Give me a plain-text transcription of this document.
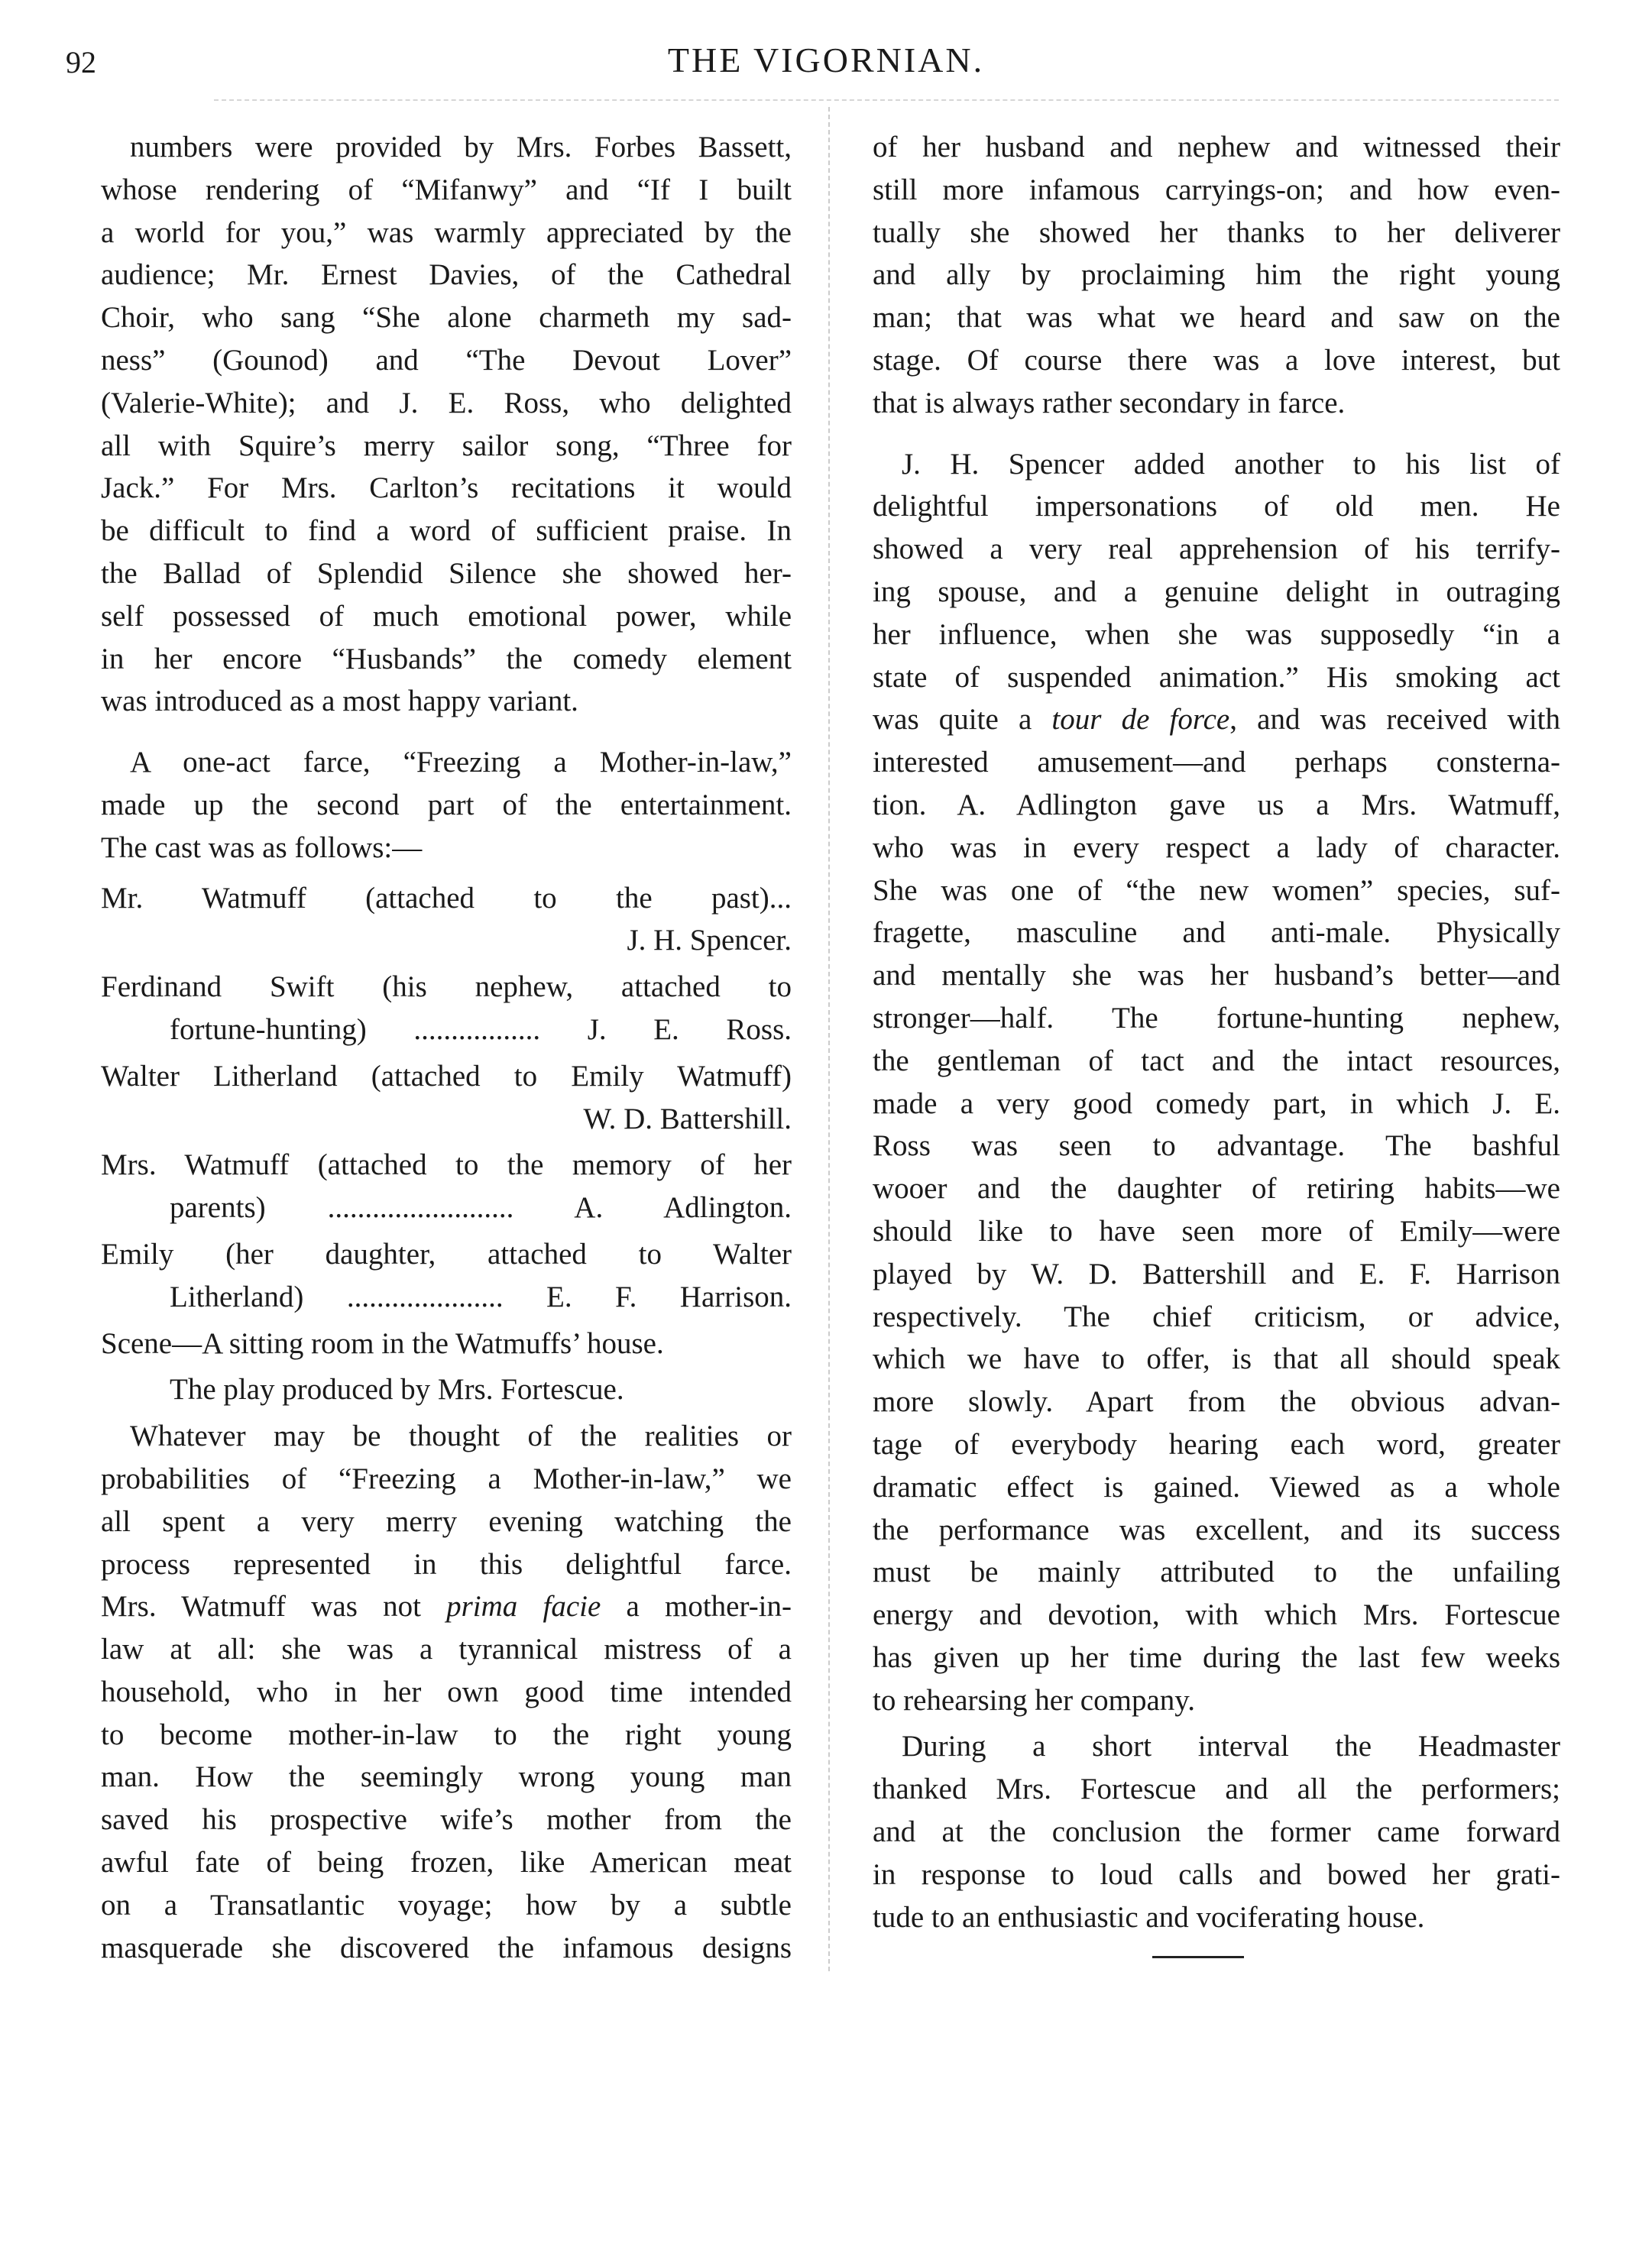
92	THE VIGORNIAN.
numbers were provided by Mrs. Forbes Bassett,
whose rendering of “Mifanwy” and “If I built
a world for you,” was warmly appreciated by the
audience; Mr. Ernest Davies, of the Cathedral
Choir, who sang “She alone charmeth my sad-
ness” (Gounod) and “The Devout Lover”
(Valerie-White); and J. E. Ross, who delighted
all with Squire’s merry sailor song, “Three for
Jack.” For Mrs. Carlton’s recitations it would
be difficult to find a word of sufficient praise. In
the Ballad of Splendid Silence she showed her-
self possessed of much emotional power, while
in her encore “Husbands” the comedy element
was introduced as a most happy variant.
A one-act farce, “Freezing a Mother-in-law,”
made up the second part of the entertainment.
The cast was as follows:—
Mr. Watmuff (attached to the past)...
J. H. Spencer.
Ferdinand Swift (his nephew, attached to
fortune-hunting) ................. J. E. Ross.
Walter Litherland (attached to Emily Watmuff)
W. D. Battershill.
Mrs. Watmuff (attached to the memory of her
parents) ......................... A. Adlington.
Emily (her daughter, attached to Walter
Litherland) ..................... E. F. Harrison.
Scene—A sitting room in the Watmuffs’ house.
The play produced by Mrs. Fortescue.
Whatever may be thought of the realities or
probabilities of “Freezing a Mother-in-law,” we
all spent a very merry evening watching the
process represented in this delightful farce.
Mrs. Watmuff was not prima facie a mother-in-
law at all: she was a tyrannical mistress of a
household, who in her own good time intended
to become mother-in-law to the right young
man. How the seemingly wrong young man
saved his prospective wife’s mother from the
awful fate of being frozen, like American meat
on a Transatlantic voyage; how by a subtle
masquerade she discovered the infamous designs
of her husband and nephew and witnessed their
still more infamous carryings-on; and how even-
tually she showed her thanks to her deliverer
and ally by proclaiming him the right young
man; that was what we heard and saw on the
stage. Of course there was a love interest, but
that is always rather secondary in farce.
J. H. Spencer added another to his list of
delightful impersonations of old men. He
showed a very real apprehension of his terrify-
ing spouse, and a genuine delight in outraging
her influence, when she was supposedly “in a
state of suspended animation.” His smoking act
was quite a tour de force, and was received with
interested amusement—and perhaps consterna-
tion. A. Adlington gave us a Mrs. Watmuff,
who was in every respect a lady of character.
She was one of “the new women” species, suf-
fragette, masculine and anti-male. Physically
and mentally she was her husband’s better—and
stronger—half. The fortune-hunting nephew,
the gentleman of tact and the intact resources,
made a very good comedy part, in which J. E.
Ross was seen to advantage. The bashful
wooer and the daughter of retiring habits—we
should like to have seen more of Emily—were
played by W. D. Battershill and E. F. Harrison
respectively. The chief criticism, or advice,
which we have to offer, is that all should speak
more slowly. Apart from the obvious advan-
tage of everybody hearing each word, greater
dramatic effect is gained. Viewed as a whole
the performance was excellent, and its success
must be mainly attributed to the unfailing
energy and devotion, with which Mrs. Fortescue
has given up her time during the last few weeks
to rehearsing her company.
During a short interval the Headmaster
thanked Mrs. Fortescue and all the performers;
and at the conclusion the former came forward
in response to loud calls and bowed her grati-
tude to an enthusiastic and vociferating house.
